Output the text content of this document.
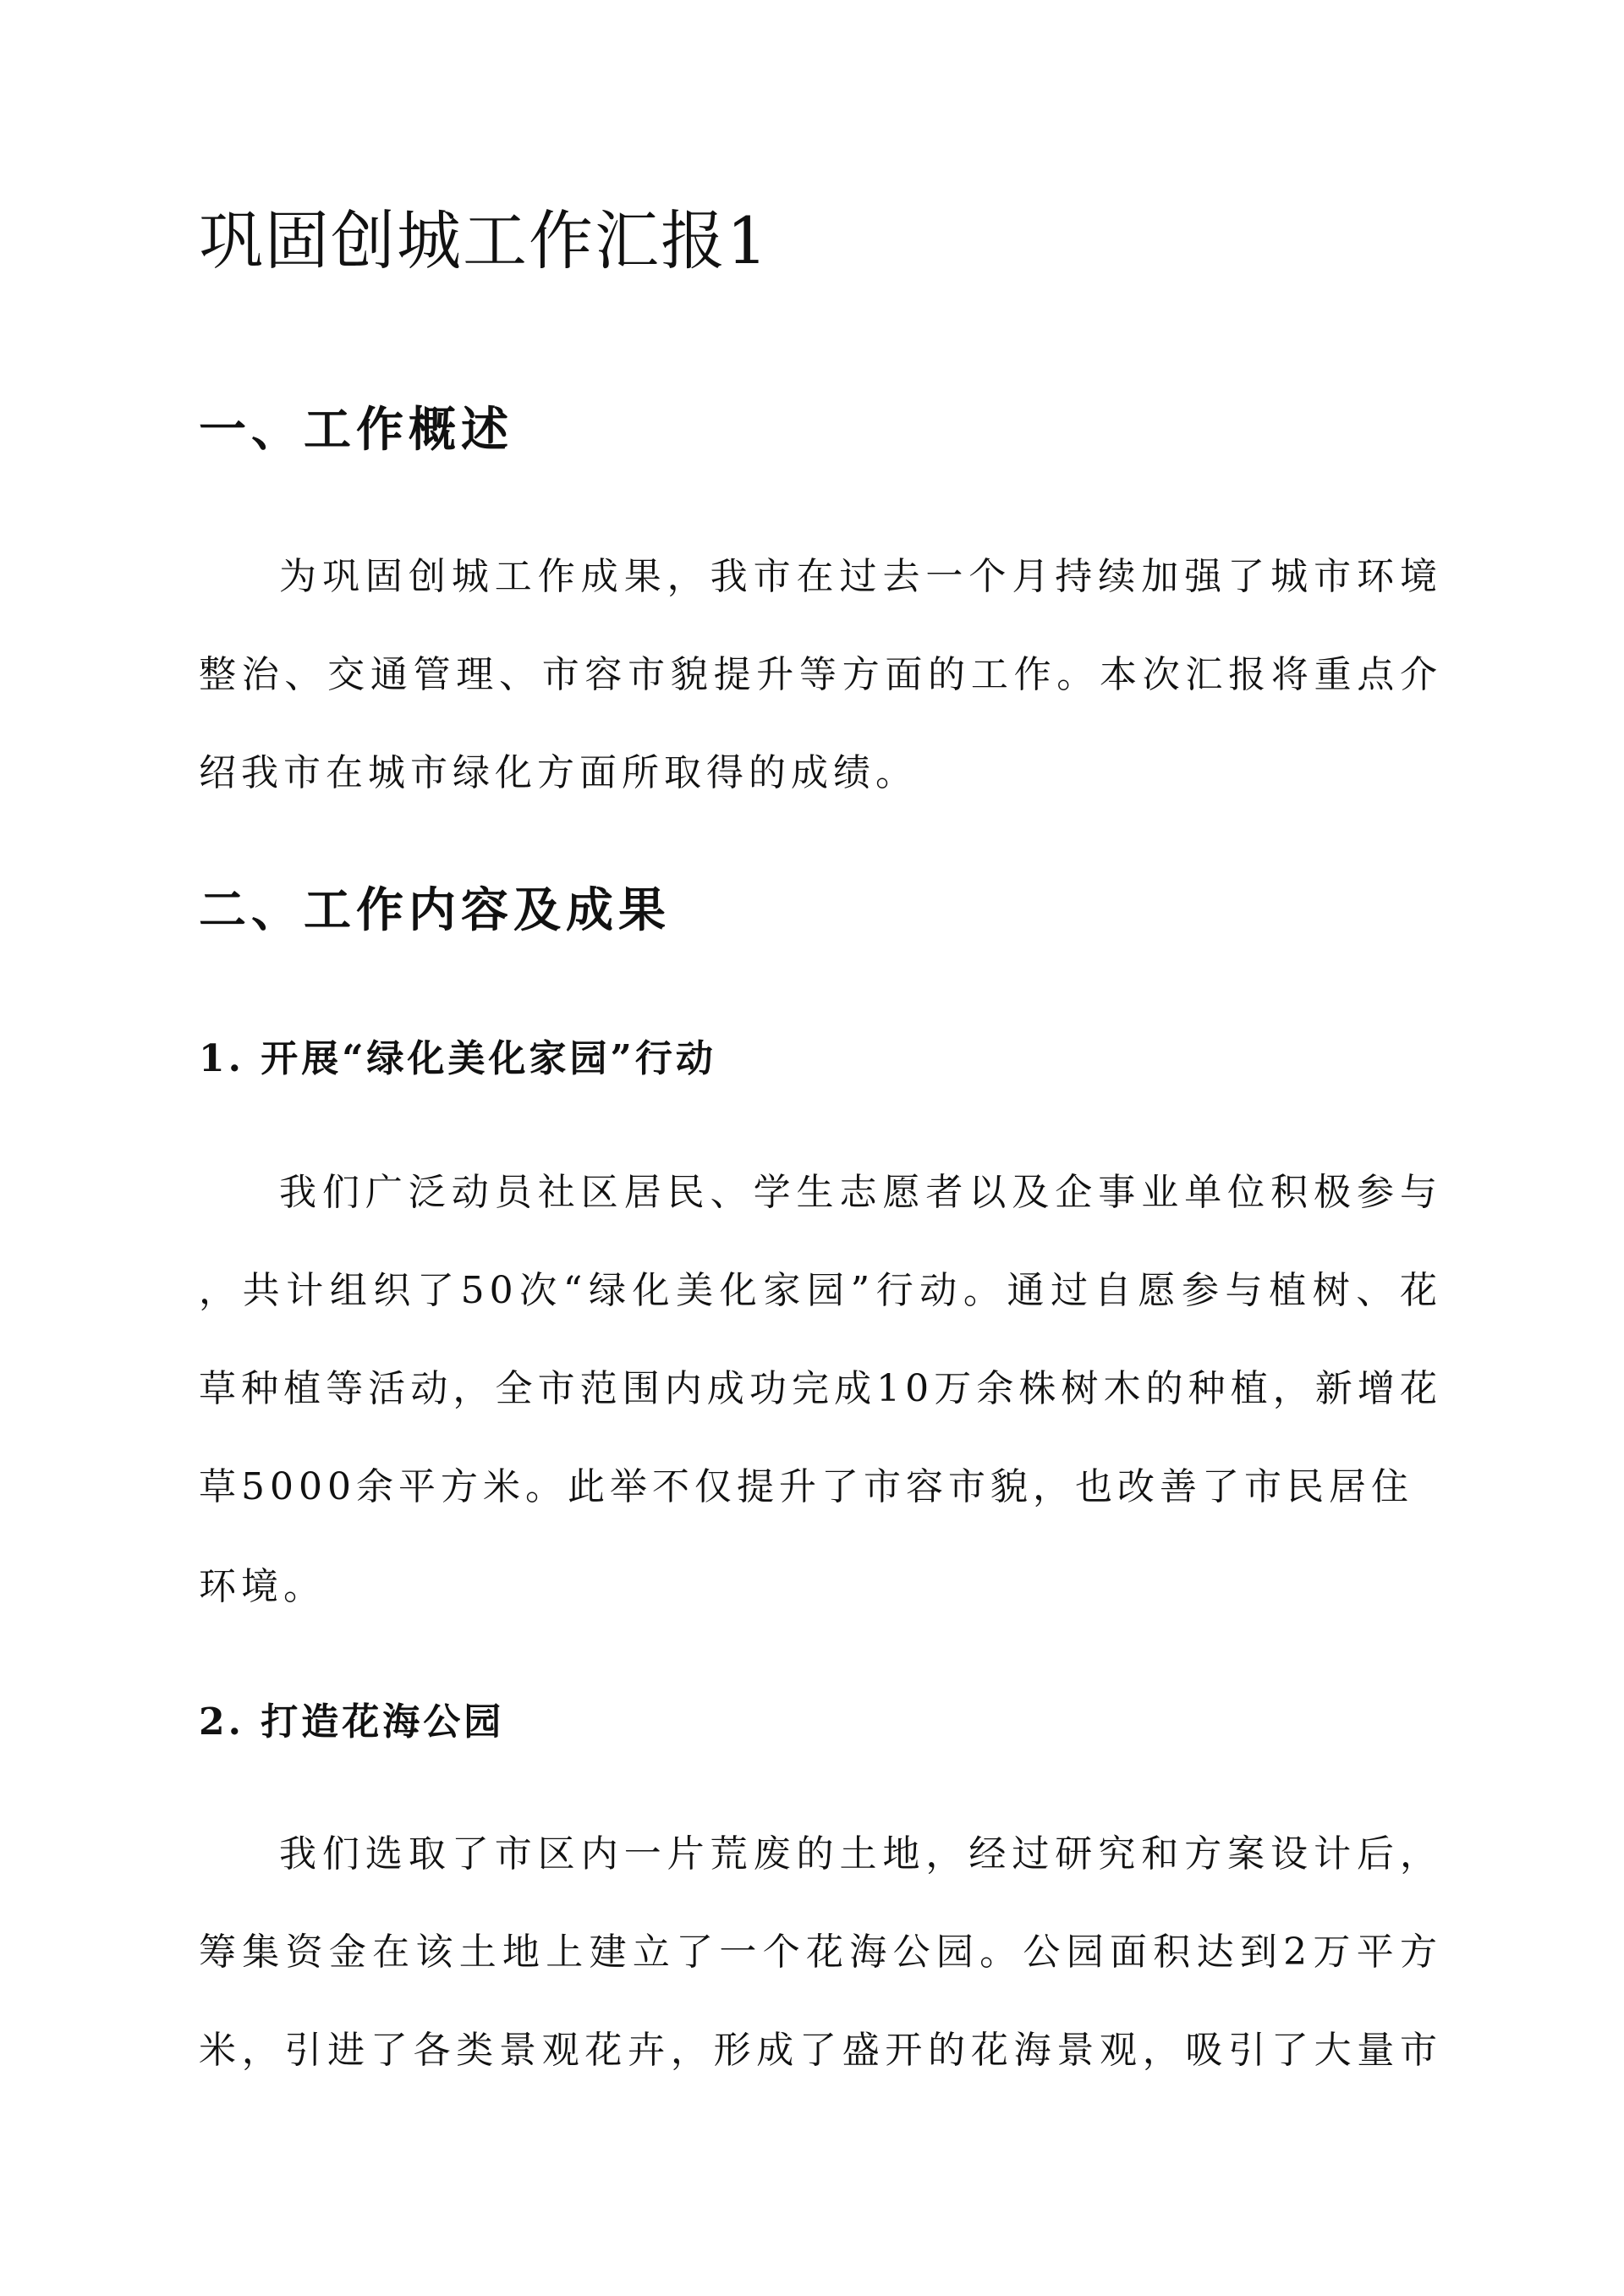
巩固创城工作汇报1
一、工作概述

为巩固创城工作成果，我市在过去一个月持续加强了城市环境

整治、交通管理、市容市貌提升等方面的工作。本次汇报将重点介

绍我市在城市绿化方面所取得的成绩。

二、工作内容及成果
1. 开展“绿化美化家园”行动

我们广泛动员社区居民、学生志愿者以及企事业单位积极参与

，共计组织了50次“绿化美化家园”行动。通过自愿参与植树、花

草种植等活动，全市范围内成功完成10万余株树木的种植，新增花

草5000余平方米。此举不仅提升了市容市貌，也改善了市民居住

环境。

2. 打造花海公园

我们选取了市区内一片荒废的土地，经过研究和方案设计后，

筹集资金在该土地上建立了一个花海公园。公园面积达到2万平方

米，引进了各类景观花卉，形成了盛开的花海景观，吸引了大量市
